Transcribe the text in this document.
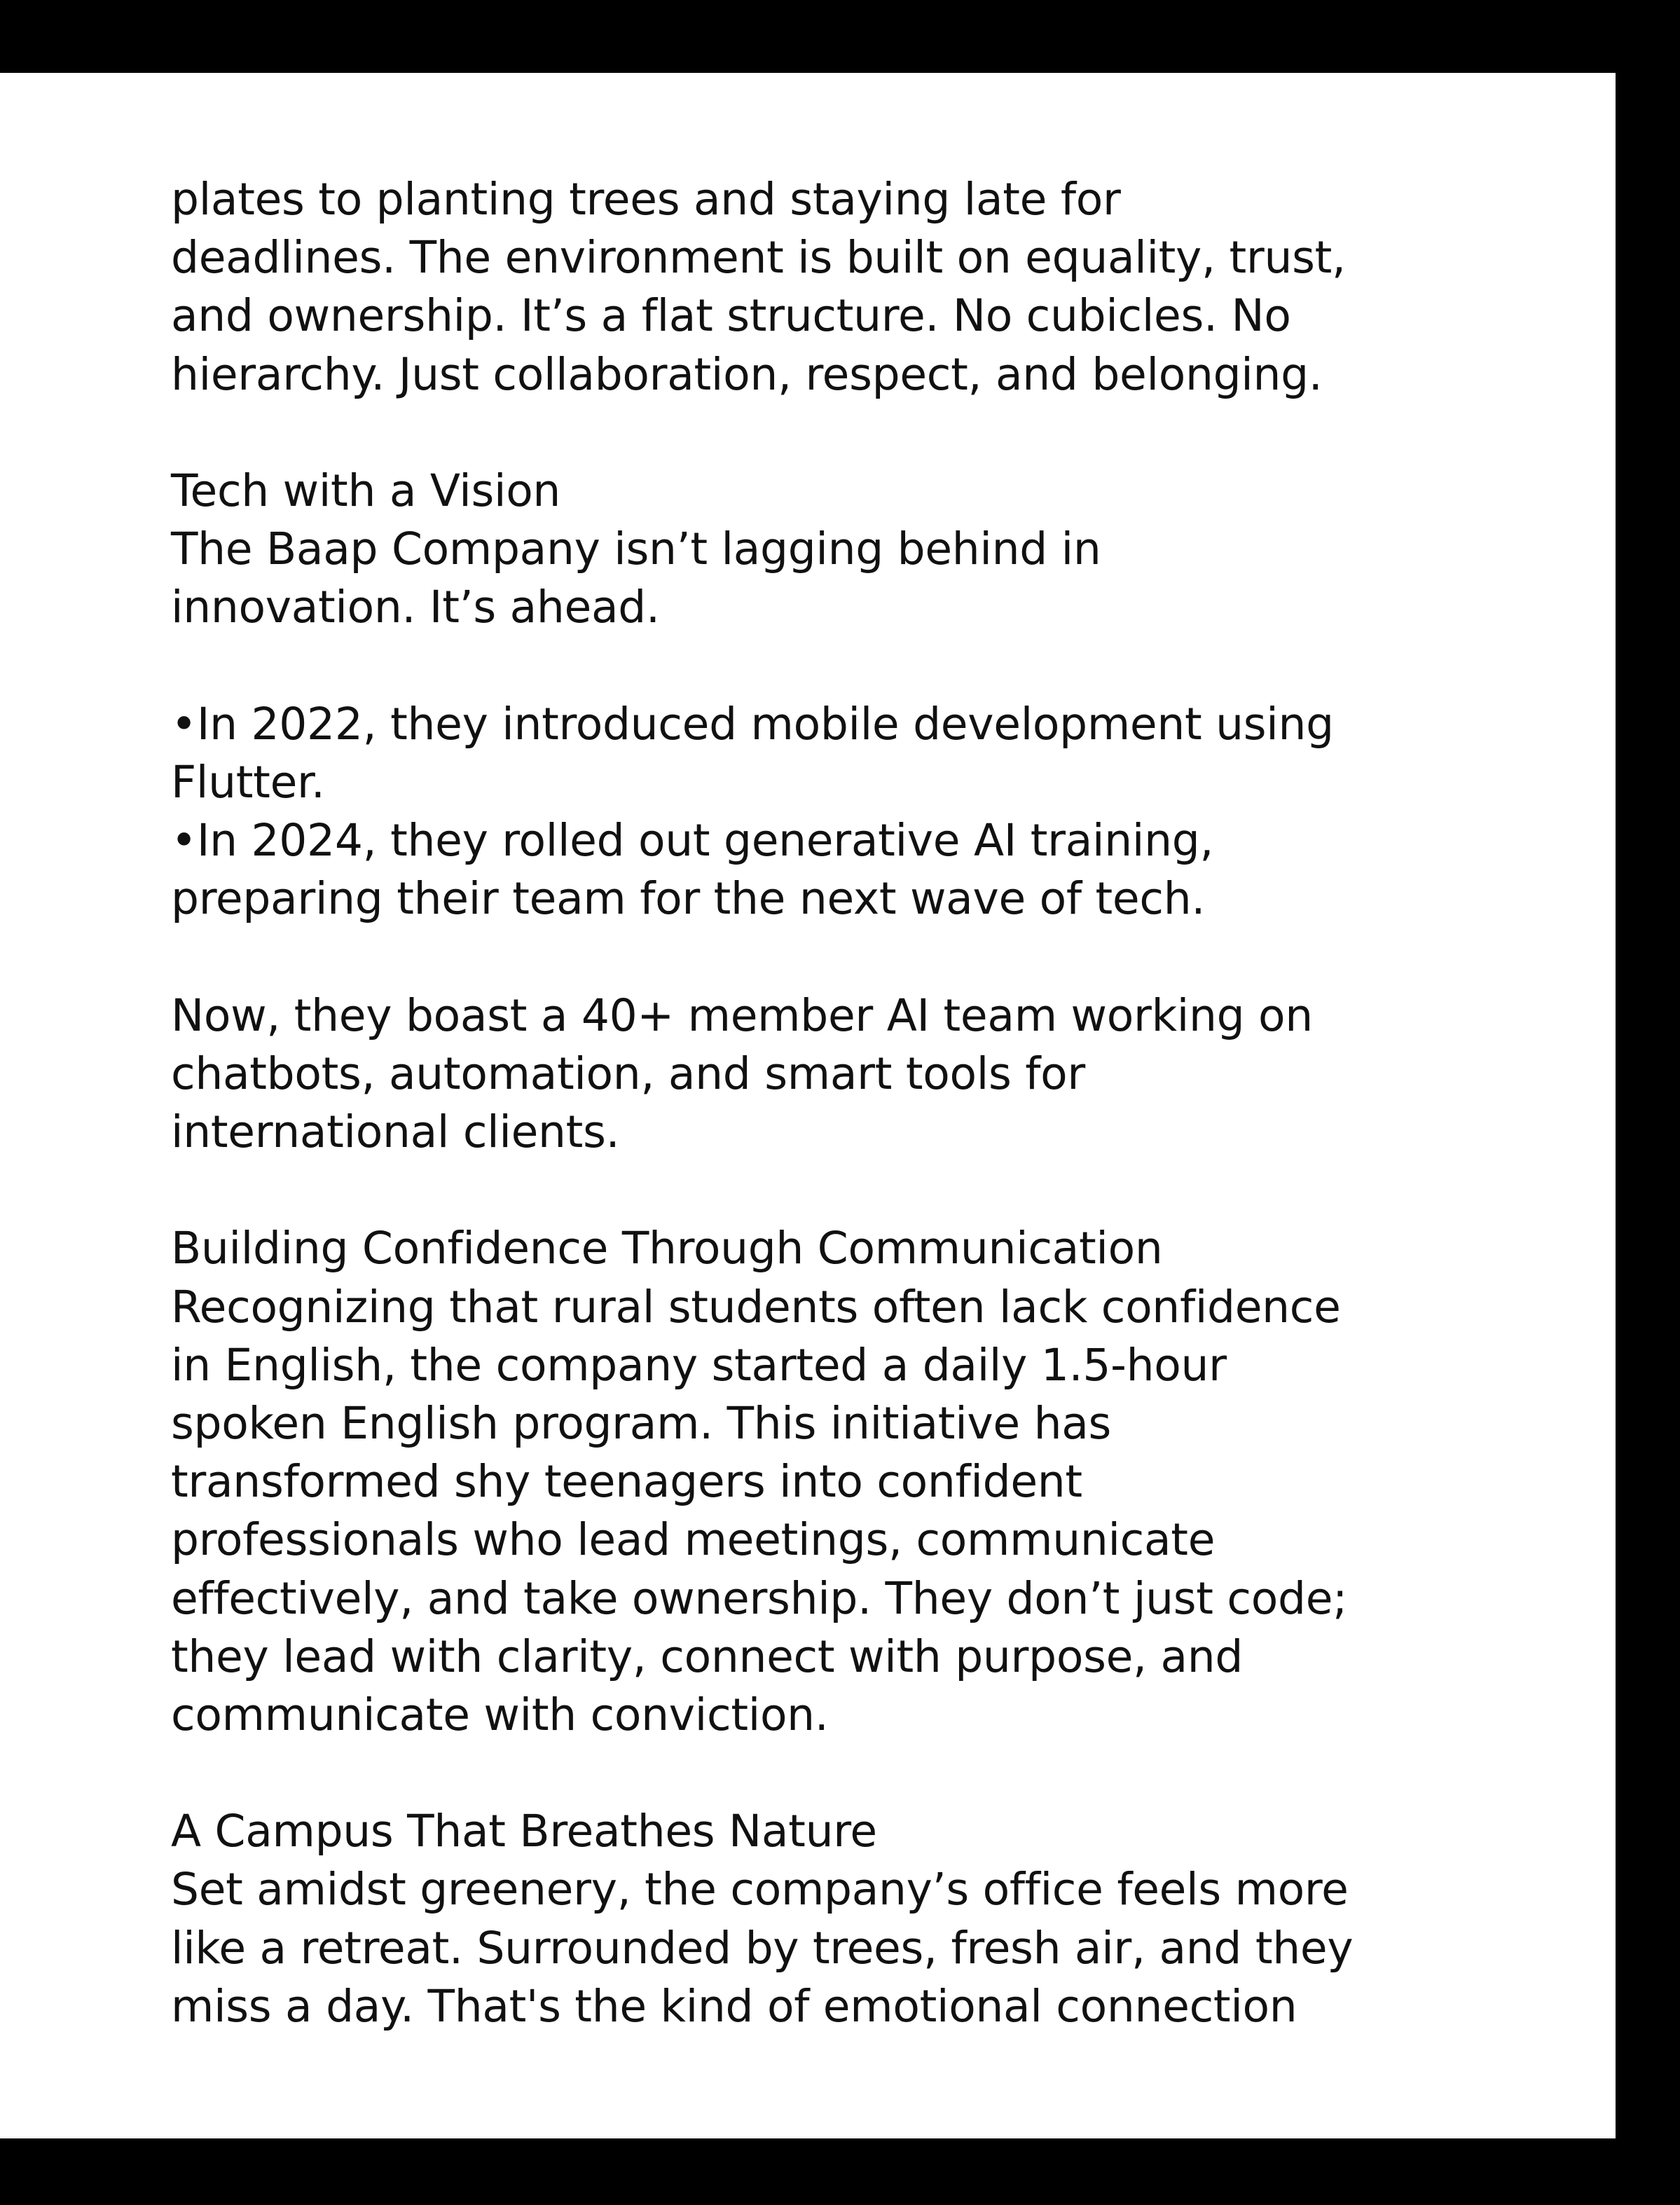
plates to planting trees and staying late for
deadlines. The environment is built on equality, trust,
and ownership. It’s a flat structure. No cubicles. No
hierarchy. Just collaboration, respect, and belonging.
Tech with a Vision
The Baap Company isn’t lagging behind in
innovation. It’s ahead.
•In 2022, they introduced mobile development using
Flutter.
•In 2024, they rolled out generative AI training,
preparing their team for the next wave of tech.
Now, they boast a 40+ member AI team working on
chatbots, automation, and smart tools for
international clients.
Building Confidence Through Communication
Recognizing that rural students often lack confidence
in English, the company started a daily 1.5-hour
spoken English program. This initiative has
transformed shy teenagers into confident
professionals who lead meetings, communicate
effectively, and take ownership. They don’t just code;
they lead with clarity, connect with purpose, and
communicate with conviction.
A Campus That Breathes Nature
Set amidst greenery, the company’s office feels more
like a retreat. Surrounded by trees, fresh air, and they
miss a day. That's the kind of emotional connection
